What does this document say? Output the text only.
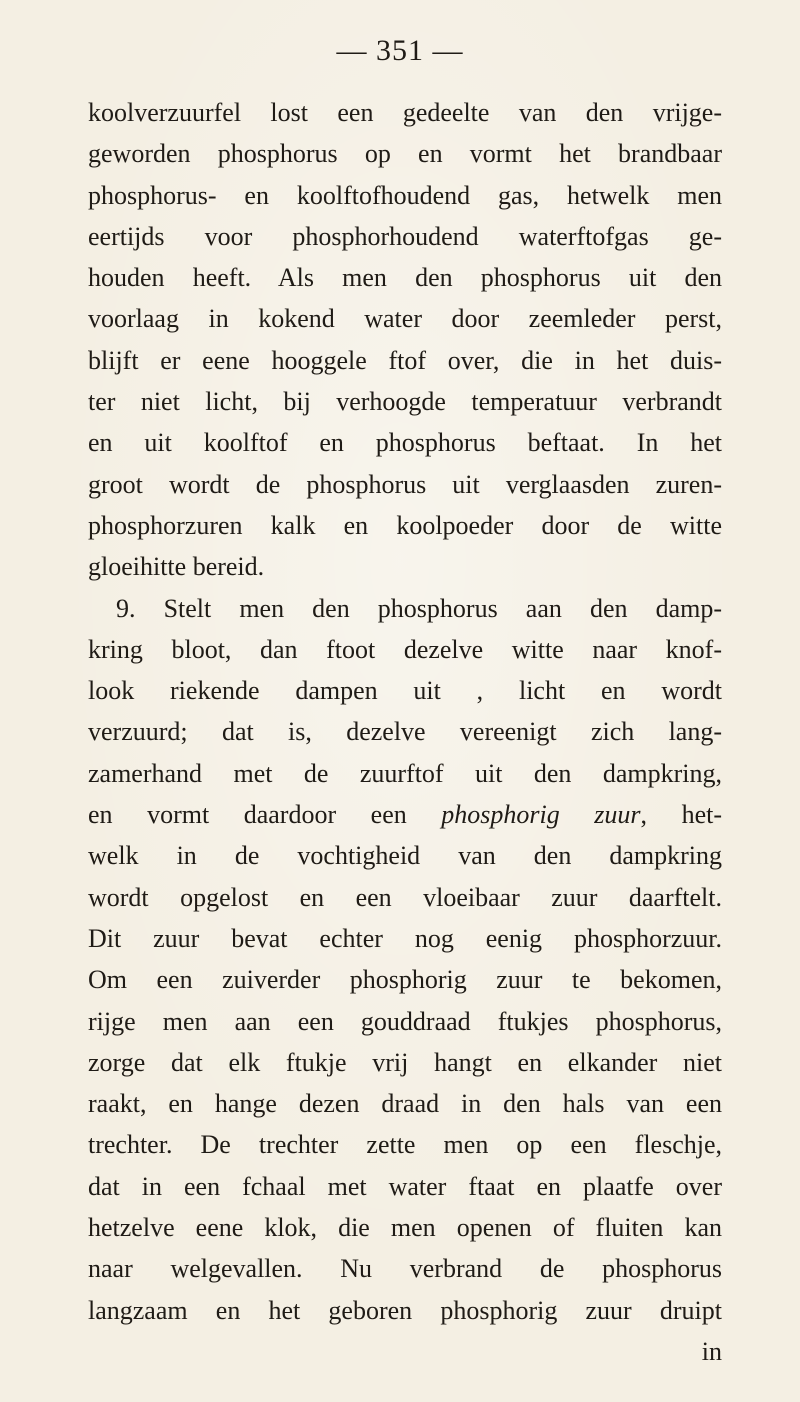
— 351 —
koolverzuurfel lost een gedeelte van den vrijge-
geworden phosphorus op en vormt het brandbaar
phosphorus- en koolftofhoudend gas, hetwelk men
eertijds voor phosphorhoudend waterftofgas ge-
houden heeft. Als men den phosphorus uit den
voorlaag in kokend water door zeemleder perst,
blijft er eene hooggele ftof over, die in het duis-
ter niet licht, bij verhoogde temperatuur verbrandt
en uit koolftof en phosphorus beftaat. In het
groot wordt de phosphorus uit verglaasden zuren-
phosphorzuren kalk en koolpoeder door de witte
gloeihitte bereid.
9. Stelt men den phosphorus aan den damp-
kring bloot, dan ftoot dezelve witte naar knof-
look riekende dampen uit , licht en wordt
verzuurd; dat is, dezelve vereenigt zich lang-
zamerhand met de zuurftof uit den dampkring,
en vormt daardoor een phosphorig zuur, het-
welk in de vochtigheid van den dampkring
wordt opgelost en een vloeibaar zuur daarftelt.
Dit zuur bevat echter nog eenig phosphorzuur.
Om een zuiverder phosphorig zuur te bekomen,
rijge men aan een gouddraad ftukjes phosphorus,
zorge dat elk ftukje vrij hangt en elkander niet
raakt, en hange dezen draad in den hals van een
trechter. De trechter zette men op een fleschje,
dat in een fchaal met water ftaat en plaatfe over
hetzelve eene klok, die men openen of fluiten kan
naar welgevallen. Nu verbrand de phosphorus
langzaam en het geboren phosphorig zuur druipt
in
